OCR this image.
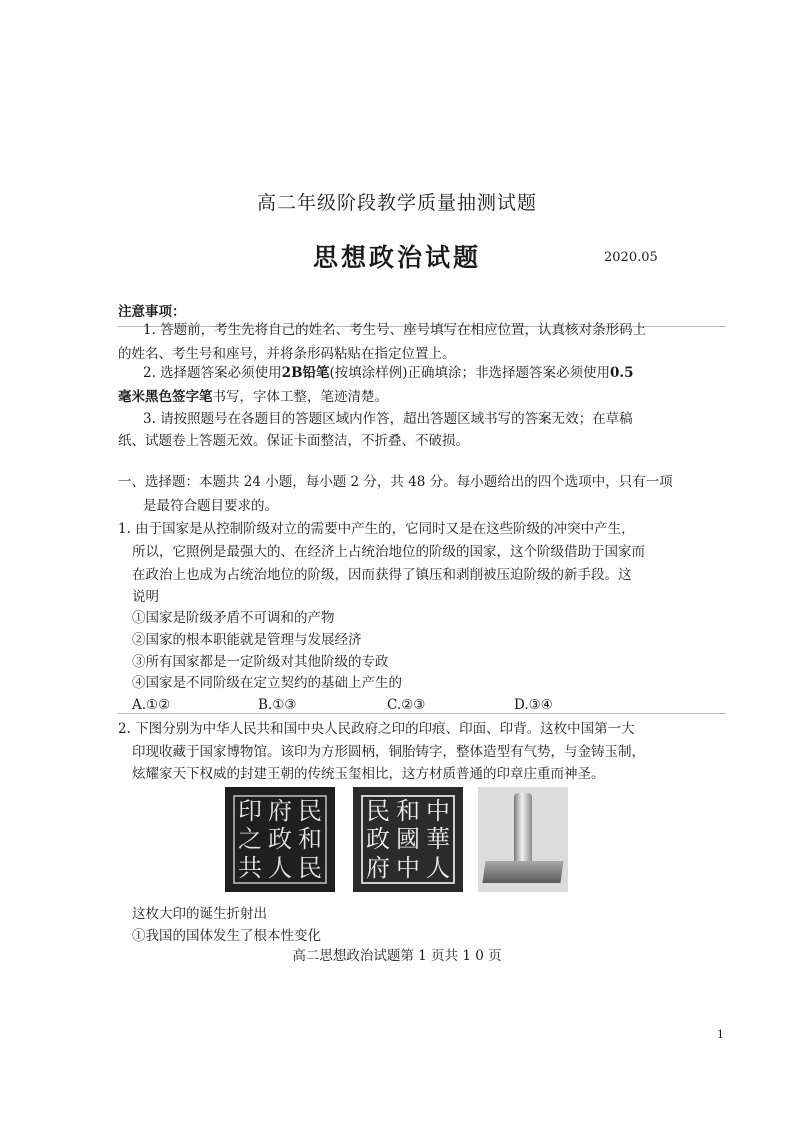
高二年级阶段教学质量抽测试题
思想政治试题	2020.05
注意事项：
1. 答题前，考生先将自己的姓名、考生号、座号填写在相应位置，认真核对条形码上
的姓名、考生号和座号，并将条形码粘贴在指定位置上。
2. 选择题答案必须使用2B铅笔(按填涂样例)正确填涂；非选择题答案必须使用0.5
毫米黑色签字笔书写，字体工整，笔迹清楚。
3. 请按照题号在各题目的答题区域内作答，超出答题区域书写的答案无效；在草稿
纸、试题卷上答题无效。保证卡面整洁，不折叠、不破损。
一、选择题：本题共 24 小题，每小题 2 分，共 48 分。每小题给出的四个选项中，只有一项
是最符合题目要求的。
1. 由于国家是从控制阶级对立的需要中产生的，它同时又是在这些阶级的冲突中产生，
所以，它照例是最强大的、在经济上占统治地位的阶级的国家，这个阶级借助于国家而
在政治上也成为占统治地位的阶级，因而获得了镇压和剥削被压迫阶级的新手段。这
说明
①国家是阶级矛盾不可调和的产物
②国家的根本职能就是管理与发展经济
③所有国家都是一定阶级对其他阶级的专政
④国家是不同阶级在定立契约的基础上产生的
A.①②	B.①③	C.②③	D.③④
2. 下图分别为中华人民共和国中央人民政府之印的印痕、印面、印背。这枚中国第一大
印现收藏于国家博物馆。该印为方形圆柄，铜胎铸字，整体造型有气势，与金铸玉制，
炫耀家天下权威的封建王朝的传统玉玺相比，这方材质普通的印章庄重而神圣。
印 府 民
之 政 和
共 人 民
民 和 中
政 國 華
府 中 人
这枚大印的诞生折射出
①我国的国体发生了根本性变化
高二思想政治试题第 1 页共 1 0 页
1
